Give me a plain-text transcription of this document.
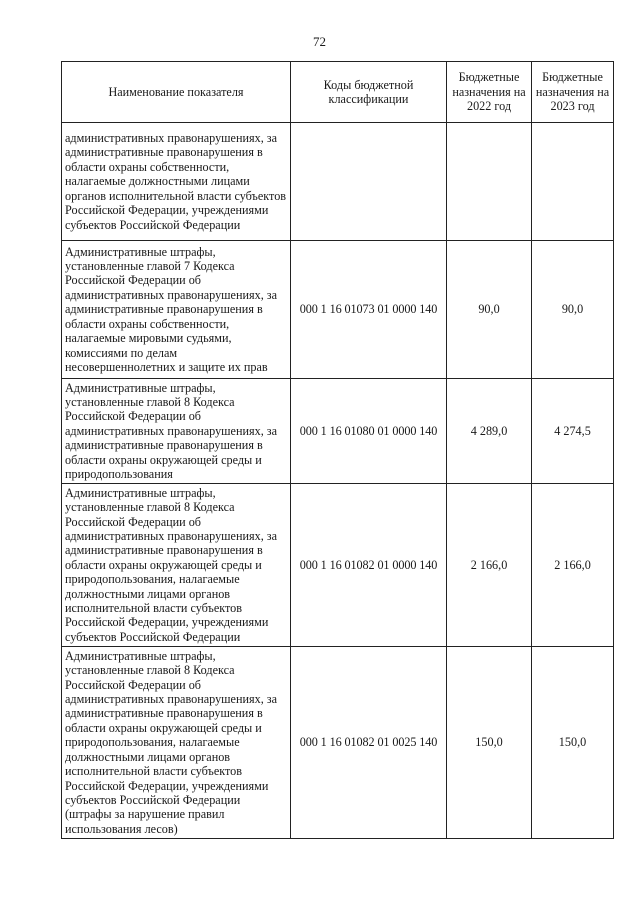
72
Наименование показателя	Коды бюджетной классификации	Бюджетные назначения на 2022 год	Бюджетные назначения на 2023 год
административных правонарушениях, за административные правонарушения в области охраны собственности, налагаемые должностными лицами органов исполнительной власти субъектов Российской Федерации, учреждениями субъектов Российской Федерации			
Административные штрафы, установленные главой 7 Кодекса Российской Федерации об административных правонарушениях, за административные правонарушения в области охраны собственности, налагаемые мировыми судьями, комиссиями по делам несовершеннолетних и защите их прав	000 1 16 01073 01 0000 140	90,0	90,0
Административные штрафы, установленные главой 8 Кодекса Российской Федерации об административных правонарушениях, за административные правонарушения в области охраны окружающей среды и природопользования	000 1 16 01080 01 0000 140	4 289,0	4 274,5
Административные штрафы, установленные главой 8 Кодекса Российской Федерации об административных правонарушениях, за административные правонарушения в области охраны окружающей среды и природопользования, налагаемые должностными лицами органов исполнительной власти субъектов Российской Федерации, учреждениями субъектов Российской Федерации	000 1 16 01082 01 0000 140	2 166,0	2 166,0
Административные штрафы, установленные главой 8 Кодекса Российской Федерации об административных правонарушениях, за административные правонарушения в области охраны окружающей среды и природопользования, налагаемые должностными лицами органов исполнительной власти субъектов Российской Федерации, учреждениями субъектов Российской Федерации (штрафы за нарушение правил использования лесов)	000 1 16 01082 01 0025 140	150,0	150,0
